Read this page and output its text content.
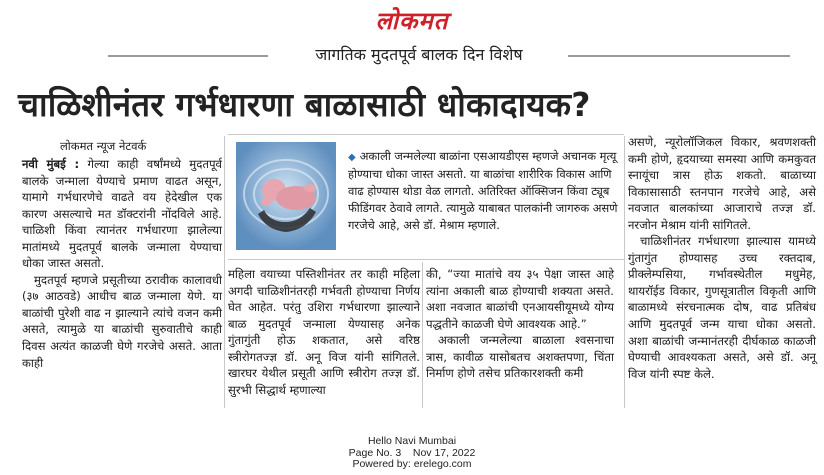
लोकमत
जागतिक मुदतपूर्व बालक दिन विशेष
चाळिशीनंतर गर्भधारणा बाळासाठी धोकादायक?
लोकमत न्यूज नेटवर्क

नवी मुंबई : गेल्या काही वर्षांमध्ये मुदतपूर्व बालके जन्माला येण्याचे प्रमाण वाढत असून, यामागे गर्भधारणेचे वाढते वय हेदेखील एक कारण असल्याचे मत डॉक्टरांनी नोंदविले आहे. चाळिशी किंवा त्यानंतर गर्भधारणा झालेल्या मातांमध्ये मुदतपूर्व बालके जन्माला येण्याचा धोका जास्त असतो.

मुदतपूर्व म्हणजे प्रसूतीच्या ठरावीक कालावधी (३७ आठवडे) आधीच बाळ जन्माला येणे. या बाळांची पुरेशी वाढ न झाल्याने त्यांचे वजन कमी असते, त्यामुळे या बाळांची सुरुवातीचे काही दिवस अत्यंत काळजी घेणे गरजेचे असते. आता काही

◆ अकाली जन्मलेल्या बाळांना एसआयडीएस म्हणजे अचानक मृत्यू होण्याचा धोका जास्त असतो. या बाळांचा शारीरिक विकास आणि वाढ होण्यास थोडा वेळ लागतो. अतिरिक्त ऑक्सिजन किंवा ट्यूब फीडिंगवर ठेवावे लागते. त्यामुळे याबाबत पालकांनी जागरुक असणे गरजेचे आहे, असे डॉ. मेश्राम म्हणाले.

महिला वयाच्या पस्तिशीनंतर तर काही महिला अगदी चाळिशीनंतरही गर्भवती होण्याचा निर्णय घेत आहेत. परंतु उशिरा गर्भधारणा झाल्याने बाळ मुदतपूर्व जन्माला येण्यासह अनेक गुंतागुंती होऊ शकतात, असे वरिष्ठ स्त्रीरोगतज्ज्ञ डॉ. अनू विज यांनी सांगितले. खारघर येथील प्रसूती आणि स्त्रीरोग तज्ज्ञ डॉ. सुरभी सिद्धार्थ म्हणाल्या

की, “ज्या मातांचे वय ३५ पेक्षा जास्त आहे त्यांना अकाली बाळ होण्याची शक्यता असते. अशा नवजात बाळांची एनआयसीयूमध्ये योग्य पद्धतीने काळजी घेणे आवश्यक आहे.”

अकाली जन्मलेल्या बाळाला श्वसनाचा त्रास, कावीळ यासोबतच अशक्तपणा, चिंता निर्माण होणे तसेच प्रतिकारशक्ती कमी

असणे, न्यूरोलॉजिकल विकार, श्रवणशक्ती कमी होणे, हृदयाच्या समस्या आणि कमकुवत स्नायूंचा त्रास होऊ शकतो. बाळाच्या विकासासाठी स्तनपान गरजेचे आहे, असे नवजात बालकांच्या आजाराचे तज्ज्ञ डॉ. नरजोन मेश्राम यांनी सांगितले.

चाळिशीनंतर गर्भधारणा झाल्यास यामध्ये गुंतागुंत होण्यासह उच्च रक्तदाब, प्रीक्लेम्पसिया, गर्भावस्थेतील मधुमेह, थायरॉईड विकार, गुणसूत्रातील विकृती आणि बाळामध्ये संरचनात्मक दोष, वाढ प्रतिबंध आणि मुदतपूर्व जन्म याचा धोका असतो. अशा बाळांची जन्मानंतरही दीर्घकाळ काळजी घेण्याची आवश्यकता असते, असे डॉ. अनू विज यांनी स्पष्ट केले.

Hello Navi Mumbai
Page No. 3    Nov 17, 2022
Powered by: erelego.com
